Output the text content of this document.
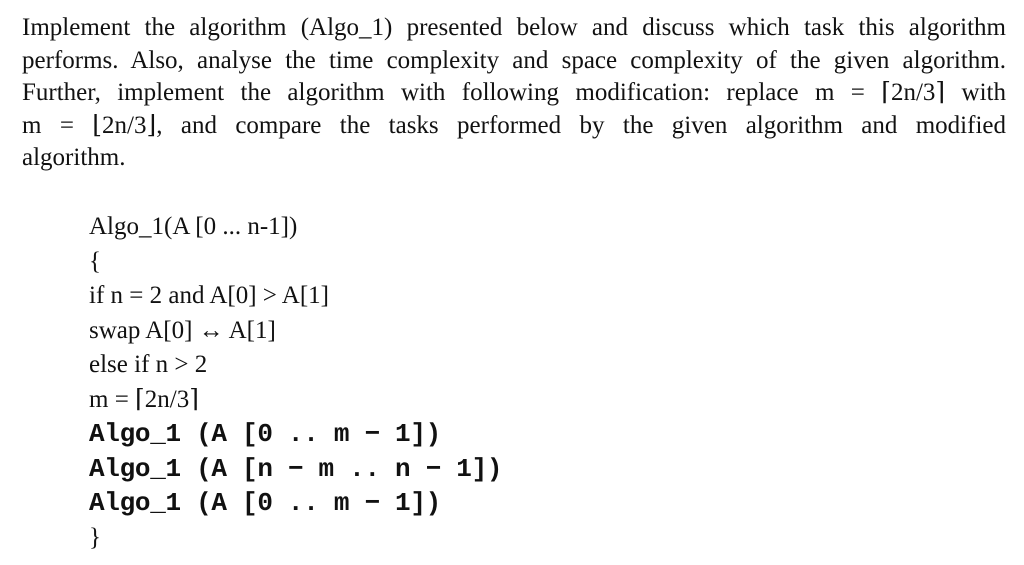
Implement the algorithm (Algo_1) presented below and discuss which task this algorithm
performs. Also, analyse the time complexity and space complexity of the given algorithm.
Further, implement the algorithm with following modification: replace m = ⌈2n/3⌉ with
m = ⌊2n/3⌋, and compare the tasks performed by the given algorithm and modified
algorithm.
Algo_1(A [0 ... n-1])
{
if n = 2 and A[0] > A[1]
swap A[0] ↔ A[1]
else if n > 2
m = ⌈2n/3⌉
Algo_1 (A [0 .. m − 1])
Algo_1 (A [n − m .. n − 1])
Algo_1 (A [0 .. m − 1])
}
